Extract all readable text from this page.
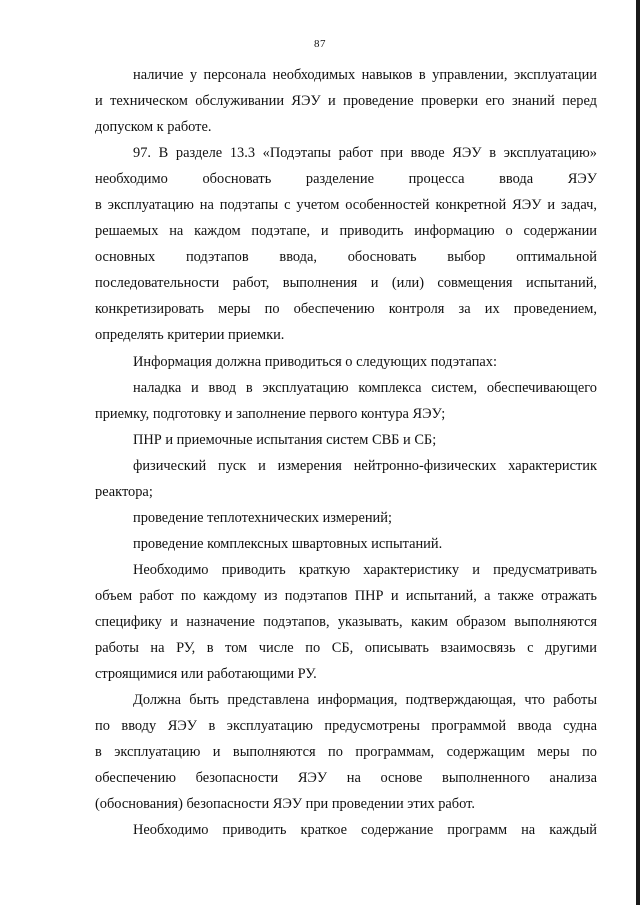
87
наличие у персонала необходимых навыков в управлении, эксплуатации
и техническом обслуживании ЯЭУ и проведение проверки его знаний перед
допуском к работе.
97. В разделе 13.3 «Подэтапы работ при вводе ЯЭУ в эксплуатацию»
необходимо обосновать разделение процесса ввода ЯЭУ
в эксплуатацию на подэтапы с учетом особенностей конкретной ЯЭУ и задач,
решаемых на каждом подэтапе, и приводить информацию о содержании
основных подэтапов ввода, обосновать выбор оптимальной
последовательности работ, выполнения и (или) совмещения испытаний,
конкретизировать меры по обеспечению контроля за их проведением,
определять критерии приемки.
Информация должна приводиться о следующих подэтапах:
наладка и ввод в эксплуатацию комплекса систем, обеспечивающего
приемку, подготовку и заполнение первого контура ЯЭУ;
ПНР и приемочные испытания систем СВБ и СБ;
физический пуск и измерения нейтронно-физических характеристик
реактора;
проведение теплотехнических измерений;
проведение комплексных швартовных испытаний.
Необходимо приводить краткую характеристику и предусматривать
объем работ по каждому из подэтапов ПНР и испытаний, а также отражать
специфику и назначение подэтапов, указывать, каким образом выполняются
работы на РУ, в том числе по СБ, описывать взаимосвязь с другими
строящимися или работающими РУ.
Должна быть представлена информация, подтверждающая, что работы
по вводу ЯЭУ в эксплуатацию предусмотрены программой ввода судна
в эксплуатацию и выполняются по программам, содержащим меры по
обеспечению безопасности ЯЭУ на основе выполненного анализа
(обоснования) безопасности ЯЭУ при проведении этих работ.
Необходимо приводить краткое содержание программ на каждый
